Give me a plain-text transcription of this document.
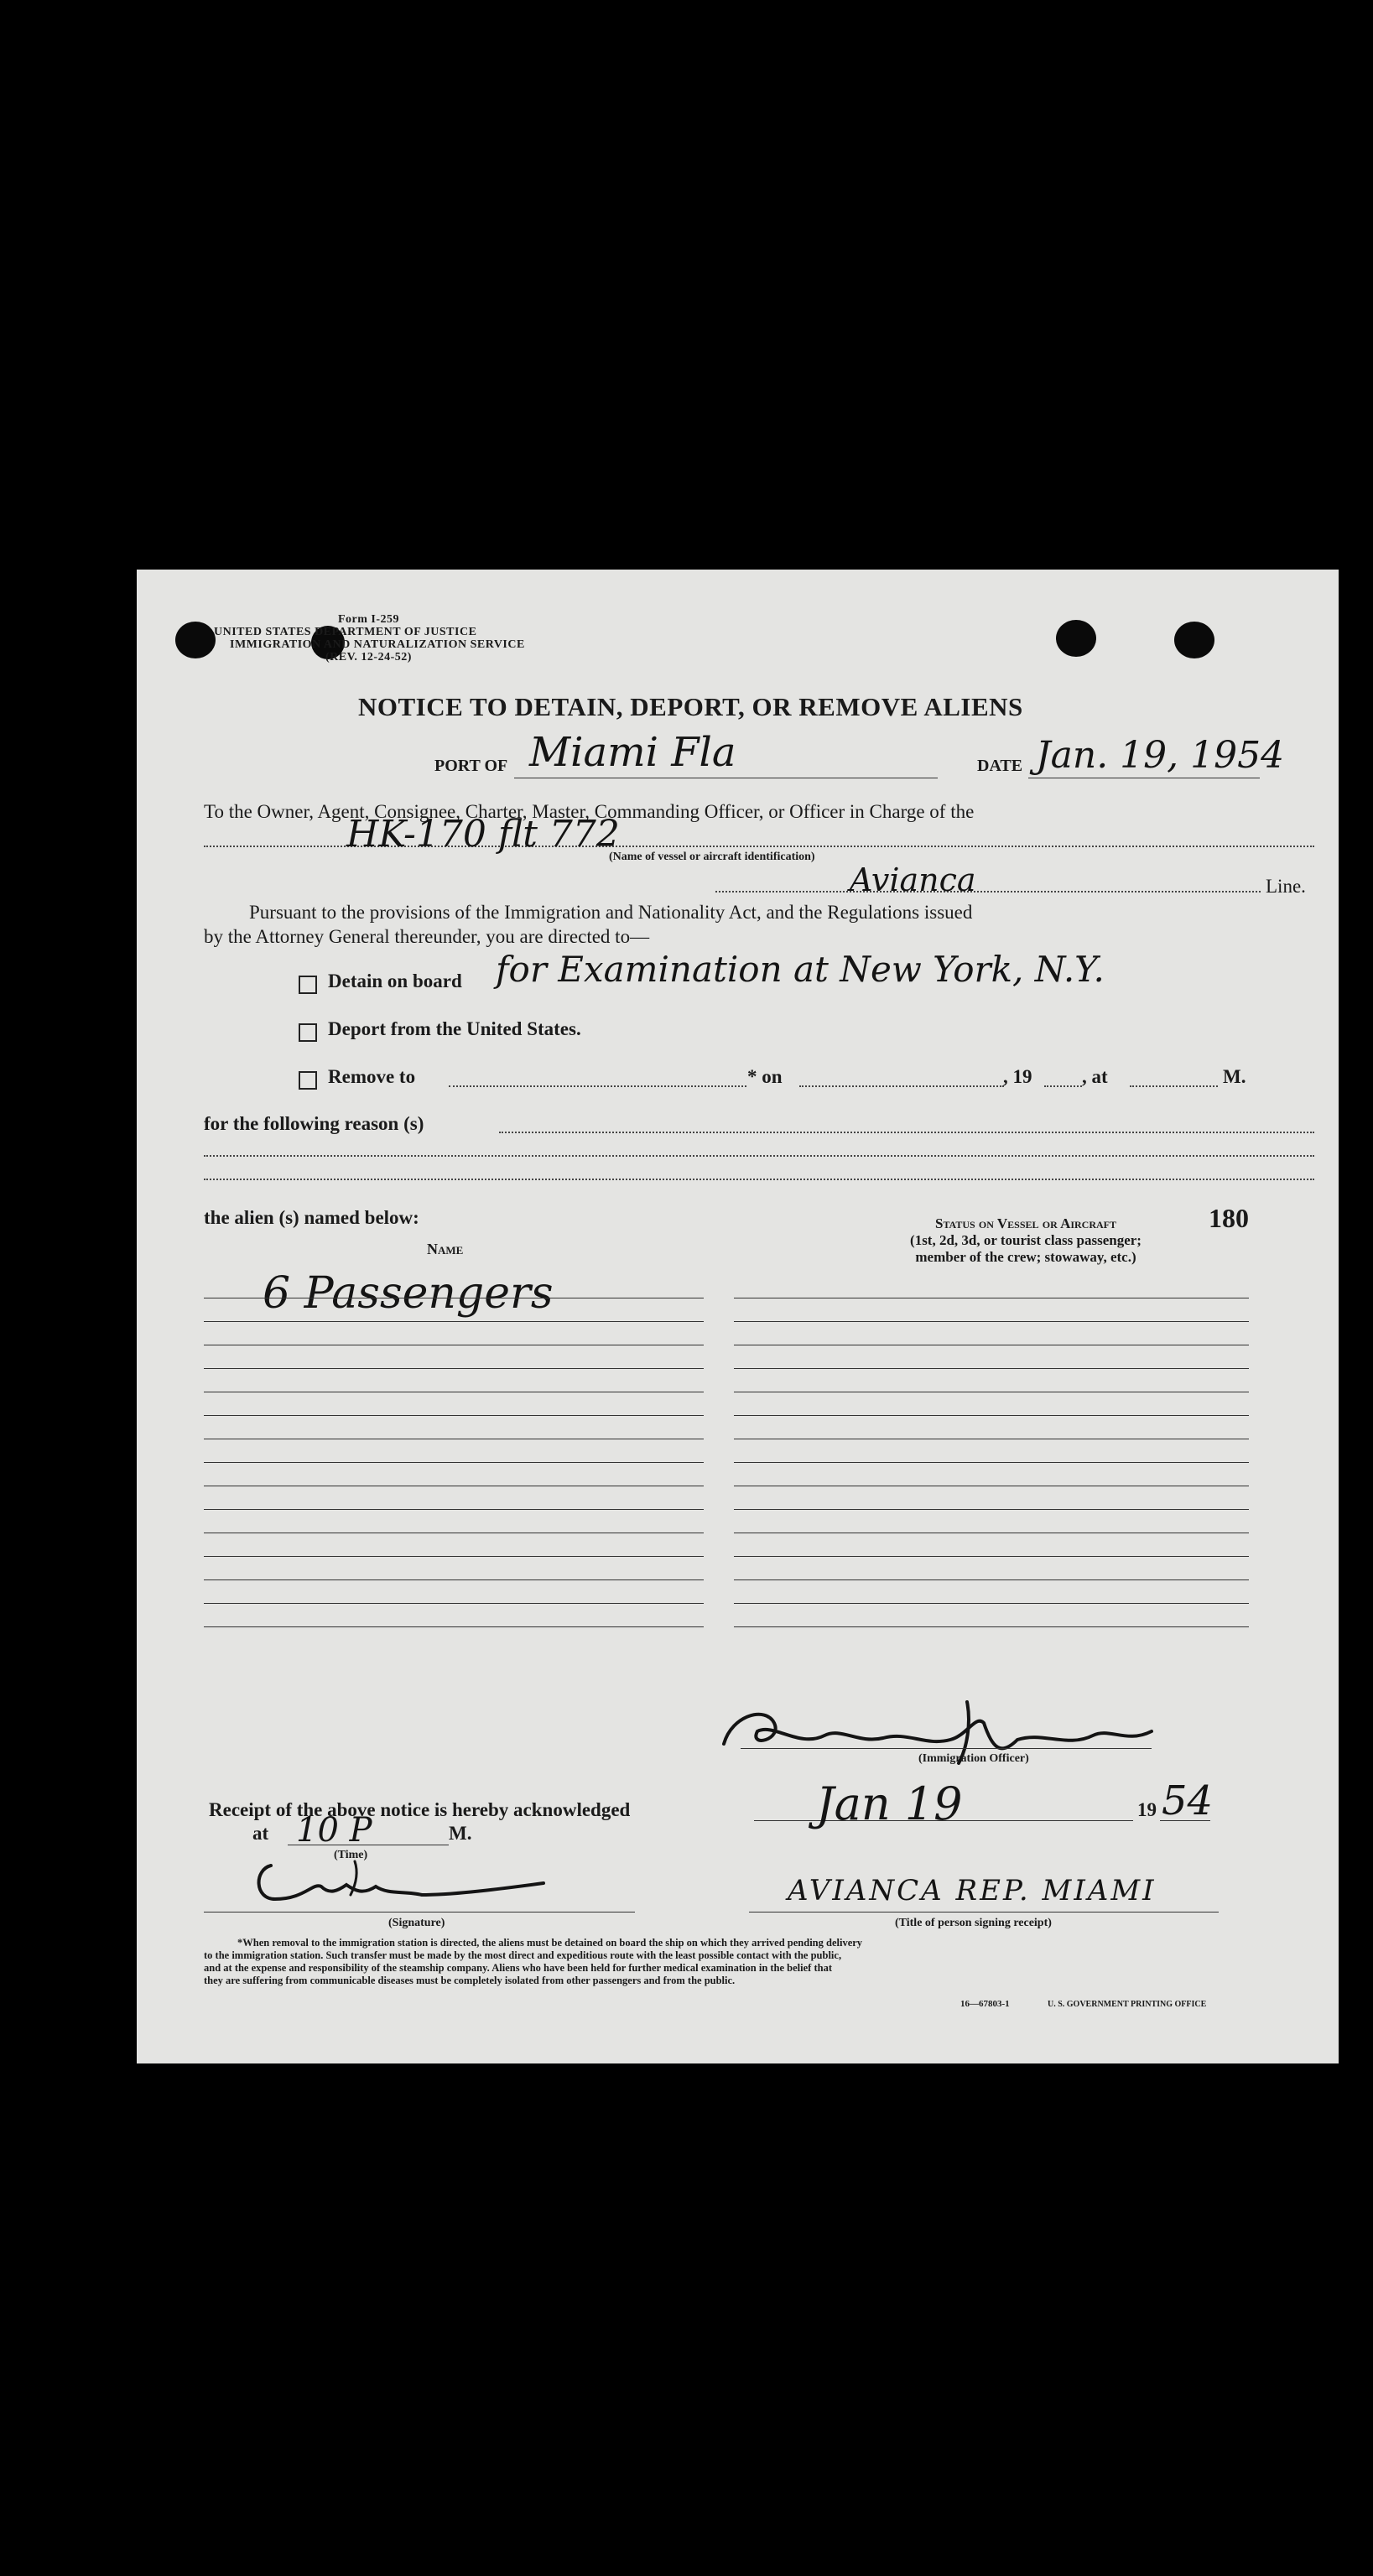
Form I-259
UNITED STATES DEPARTMENT OF JUSTICE
IMMIGRATION AND NATURALIZATION SERVICE
(REV. 12-24-52)
NOTICE TO DETAIN, DEPORT, OR REMOVE ALIENS
PORT OF Miami Fla	DATE Jan. 19, 1954
To the Owner, Agent, Consignee, Charter, Master, Commanding Officer, or Officer in Charge of the
HK-170 flt 772
(Name of vessel or aircraft identification)
Avianca	Line.
Pursuant to the provisions of the Immigration and Nationality Act, and the Regulations issued
by the Attorney General thereunder, you are directed to—
Detain on board for Examination at New York, N.Y.
Deport from the United States.
Remove to	* on	, 19	, at	M.
for the following reason (s)
the alien (s) named below:	180
Name
Status on Vessel or Aircraft
(1st, 2d, 3d, or tourist class passenger;
member of the crew; stowaway, etc.)
6 Passengers
(Immigration Officer)
Receipt of the above notice is hereby acknowledged	Jan 19	19 54
at 10 P	M.
(Time)
(Signature)
AVIANCA REP. MIAMI
(Title of person signing receipt)
*When removal to the immigration station is directed, the aliens must be detained on board the ship on which they arrived pending delivery
to the immigration station. Such transfer must be made by the most direct and expeditious route with the least possible contact with the public,
and at the expense and responsibility of the steamship company. Aliens who have been held for further medical examination in the belief that
they are suffering from communicable diseases must be completely isolated from other passengers and from the public.
16—67803-1	U. S. GOVERNMENT PRINTING OFFICE
